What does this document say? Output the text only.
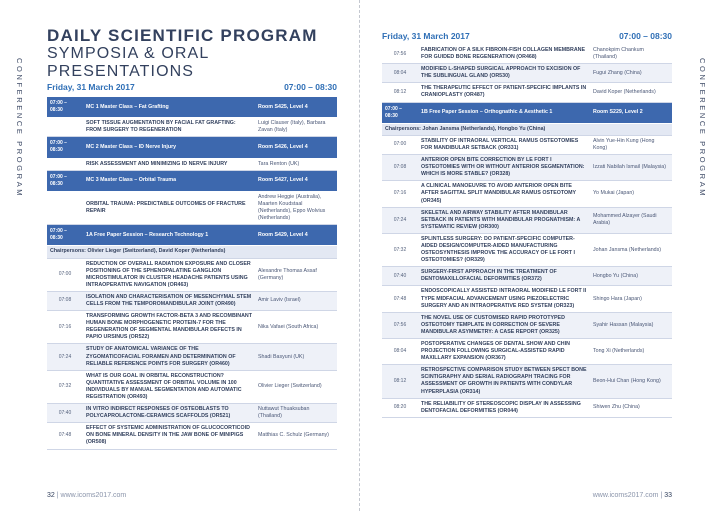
CONFERENCE PROGRAM	CONFERENCE PROGRAM
DAILY SCIENTIFIC PROGRAM
SYMPOSIA & ORAL PRESENTATIONS
Friday, 31 March 2017	07:00 – 08:30
07:00 – 08:30	MC 1 Master Class – Fat Grafting	Room S425, Level 4
	SOFT TISSUE AUGMENTATION BY FACIAL FAT GRAFTING: FROM SURGERY TO REGENERATION	Luigi Clauser (Italy), Barbara Zavan (Italy)
07:00 – 08:30	MC 2 Master Class – ID Nerve Injury	Room S426, Level 4
	RISK ASSESSMENT AND MINIMIZING ID NERVE INJURY	Tara Renton (UK)
07:00 – 08:30	MC 3 Master Class – Orbital Trauma	Room S427, Level 4
	ORBITAL TRAUMA: PREDICTABLE OUTCOMES OF FRACTURE REPAIR	Andrew Heggie (Australia), Maarten Koudstaal (Netherlands), Eppo Wolvius (Netherlands)
07:00 – 08:30	1A Free Paper Session – Research Technology 1	Room S429, Level 4
Chairpersons: Olivier Lieger (Switzerland), David Koper (Netherlands)		
07:00	REDUCTION OF OVERALL RADIATION EXPOSURE AND CLOSER POSITIONING OF THE SPHENOPALATINE GANGLION MICROSTIMULATOR IN CLUSTER HEADACHE PATIENTS USING INTRAOPERATIVE NAVIGATION (OR463)	Alexandre Thomas Assaf (Germany)
07:08	ISOLATION AND CHARACTERISATION OF MESENCHYMAL STEM CELLS FROM THE TEMPOROMANDIBULAR JOINT (OR490)	Amir Laviv (Israel)
07:16	TRANSFORMING GROWTH FACTOR-BETA 3 AND RECOMBINANT HUMAN BONE MORPHOGENETIC PROTEIN-7 FOR THE REGENERATION OF SEGMENTAL MANDIBULAR DEFECTS IN PAPIO URSINUS (OR522)	Nika Vafaei (South Africa)
07:24	STUDY OF ANATOMICAL VARIANCE OF THE ZYGOMATICOFACIAL FORAMEN AND DETERMINATION OF RELIABLE REFERENCE POINTS FOR SURGERY (OR460)	Shadi Basyuni (UK)
07:32	WHAT IS OUR GOAL IN ORBITAL RECONSTRUCTION? QUANTITATIVE ASSESSMENT OF ORBITAL VOLUME IN 100 INDIVIDUALS BY MANUAL SEGMENTATION AND AUTOMATIC REGISTRATION (OR493)	Olivier Lieger (Switzerland)
07:40	IN VITRO INDIRECT RESPONSES OF OSTEOBLASTS TO POLYCAPROLACTONE-CERAMICS SCAFFOLDS (OR521)	Nuttawut Thuaksuban (Thailand)
07:48	EFFECT OF SYSTEMIC ADMINISTRATION OF GLUCOCORTICOID ON BONE MINERAL DENSITY IN THE JAW BONE OF MINIPIGS (OR508)	Matthias C. Schulz (Germany)
32 | www.icoms2017.com
Friday, 31 March 2017	07:00 – 08:30
07:56	FABRICATION OF A SILK FIBROIN-FISH COLLAGEN MEMBRANE FOR GUIDED BONE REGENERATION (OR468)	Chanokpim Chankum (Thailand)
08:04	MODIFIED L-SHAPED SURGICAL APPROACH TO EXCISION OF THE SUBLINGUAL GLAND (OR530)	Fugui Zhang (China)
08:12	THE THERAPEUTIC EFFECT OF PATIENT-SPECIFIC IMPLANTS IN CRANIOPLASTY (OR487)	David Koper (Netherlands)
07:00 – 08:30	1B Free Paper Session – Orthognathic & Aesthetic 1	Room S229, Level 2
Chairpersons: Johan Jansma (Netherlands), Hongbo Yu (China)		
07:00	STABILITY OF INTRAORAL VERTICAL RAMUS OSTEOTOMIES FOR MANDIBULAR SETBACK (OR331)	Alvin Yue-Hin Kung (Hong Kong)
07:08	ANTERIOR OPEN BITE CORRECTION BY LE FORT I OSTEOTOMIES WITH OR WITHOUT ANTERIOR SEGMENTATION: WHICH IS MORE STABLE? (OR328)	Izzati Nabilah Ismail (Malaysia)
07:16	A CLINICAL MANOEUVRE TO AVOID ANTERIOR OPEN BITE AFTER SAGITTAL SPLIT MANDIBULAR RAMUS OSTEOTOMY (OR345)	Yo Mukai (Japan)
07:24	SKELETAL AND AIRWAY STABILITY AFTER MANDIBULAR SETBACK IN PATIENTS WITH MANDIBULAR PROGNATHISM: A SYSTEMATIC REVIEW (OR300)	Mohammed Alzayer (Saudi Arabia)
07:32	SPLINTLESS SURGERY: DO PATIENT-SPECIFIC COMPUTER-AIDED DESIGN/COMPUTER-AIDED MANUFACTURING OSTEOSYNTHESIS IMPROVE THE ACCURACY OF LE FORT I OSTEOTOMIES? (OR329)	Johan Jansma (Netherlands)
07:40	SURGERY-FIRST APPROACH IN THE TREATMENT OF DENTOMAXILLOFACIAL DEFORMITIES (OR372)	Hongbo Yu (China)
07:48	ENDOSCOPICALLY ASSISTED INTRAORAL MODIFIED LE FORT II TYPE MIDFACIAL ADVANCEMENT USING PIEZOELECTRIC SURGERY AND AN INTRAOPERATIVE RED SYSTEM (OR323)	Shingo Hara (Japan)
07:56	THE NOVEL USE OF CUSTOMISED RAPID PROTOTYPED OSTEOTOMY TEMPLATE IN CORRECTION OF SEVERE MANDIBULAR ASYMMETRY: A CASE REPORT (OR325)	Syahir Hassan (Malaysia)
08:04	POSTOPERATIVE CHANGES OF DENTAL SHOW AND CHIN PROJECTION FOLLOWING SURGICAL-ASSISTED RAPID MAXILLARY EXPANSION (OR367)	Tong Xi (Netherlands)
08:12	RETROSPECTIVE COMPARISON STUDY BETWEEN SPECT BONE SCINTIGRAPHY AND SERIAL RADIOGRAPH TRACING FOR ASSESSMENT OF GROWTH IN PATIENTS WITH CONDYLAR HYPERPLASIA (OR314)	Beon-Hui Chan (Hong Kong)
08:20	THE RELIABILITY OF STEREOSCOPIC DISPLAY IN ASSESSING DENTOFACIAL DEFORMITIES (OR044)	Shiwen Zhu (China)
www.icoms2017.com | 33
